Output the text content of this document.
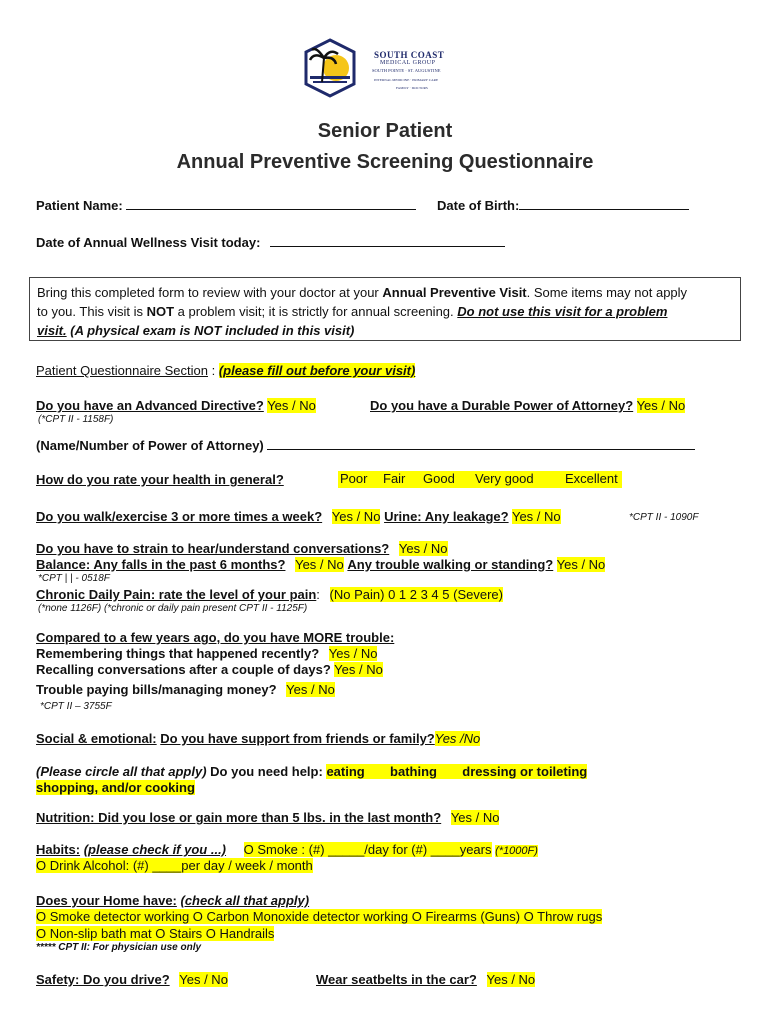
SOUTH COAST
MEDICAL GROUP
SOUTH POINTE · ST. AUGUSTINE
INTERNAL MEDICINE · PRIMARY CARE
FAMILY · DOCTORS
Senior Patient
Annual Preventive Screening Questionnaire
Patient Name:	Date of Birth:
Date of Annual Wellness Visit today:
Bring this completed form to review with your doctor at your Annual Preventive Visit. Some items may not apply
to you. This visit is NOT a problem visit; it is strictly for annual screening. Do not use this visit for a problem
visit. (A physical exam is NOT included in this visit)
Patient Questionnaire Section : (please fill out before your visit)
Do you have an Advanced Directive? Yes / No	Do you have a Durable Power of Attorney? Yes / No
(*CPT II - 1158F)
(Name/Number of Power of Attorney)
How do you rate your health in general?	Poor Fair Good Very good Excellent
Do you walk/exercise 3 or more times a week? Yes / No Urine: Any leakage? Yes / No	*CPT II - 1090F
Do you have to strain to hear/understand conversations? Yes / No
Balance: Any falls in the past 6 months? Yes / No Any trouble walking or standing? Yes / No
*CPT | | - 0518F
Chronic Daily Pain: rate the level of your pain: (No Pain) 0 1 2 3 4 5 (Severe)
(*none 1126F) (*chronic or daily pain present CPT II - 1125F)
Compared to a few years ago, do you have MORE trouble:
Remembering things that happened recently? Yes / No
Recalling conversations after a couple of days? Yes / No
Trouble paying bills/managing money? Yes / No
*CPT II – 3755F
Social & emotional: Do you have support from friends or family?Yes /No
(Please circle all that apply) Do you need help: eating bathing dressing or toileting
shopping, and/or cooking
Nutrition: Did you lose or gain more than 5 lbs. in the last month? Yes / No
Habits: (please check if you ...) O Smoke : (#) _____/day for (#) ____years (*1000F)
O Drink Alcohol: (#) ____per day / week / month
Does your Home have: (check all that apply)
O Smoke detector working O Carbon Monoxide detector working O Firearms (Guns) O Throw rugs
O Non-slip bath mat O Stairs O Handrails
***** CPT II: For physician use only
Safety: Do you drive? Yes / No	Wear seatbelts in the car? Yes / No
